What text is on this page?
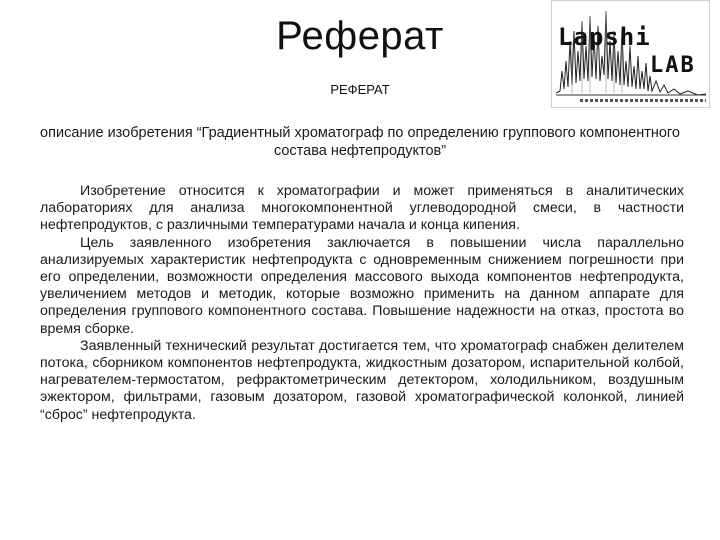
Реферат	Lapshi
LAB
РЕФЕРАТ
описание изобретения “Градиентный хроматограф по определению группового компонентного состава нефтепродуктов”

Изобретение относится к хроматографии и может применяться в аналитических лабораториях для анализа многокомпонентной углеводородной смеси, в частности нефтепродуктов, с различными температурами начала и конца кипения.

Цель заявленного изобретения заключается в повышении числа параллельно анализируемых характеристик нефтепродукта с одновременным снижением погрешности при его определении, возможности определения массового выхода компонентов нефтепродукта, увеличением методов и методик, которые возможно применить на данном аппарате для определения группового компонентного состава. Повышение надежности на отказ, простота во время сборке.

Заявленный технический результат достигается тем, что хроматограф снабжен делителем потока, сборником компонентов нефтепродукта, жидкостным дозатором, испарительной колбой, нагревателем-термостатом, рефрактометрическим детектором, холодильником, воздушным эжектором, фильтрами, газовым дозатором, газовой хроматографической колонкой, линией “сброс” нефтепродукта.
